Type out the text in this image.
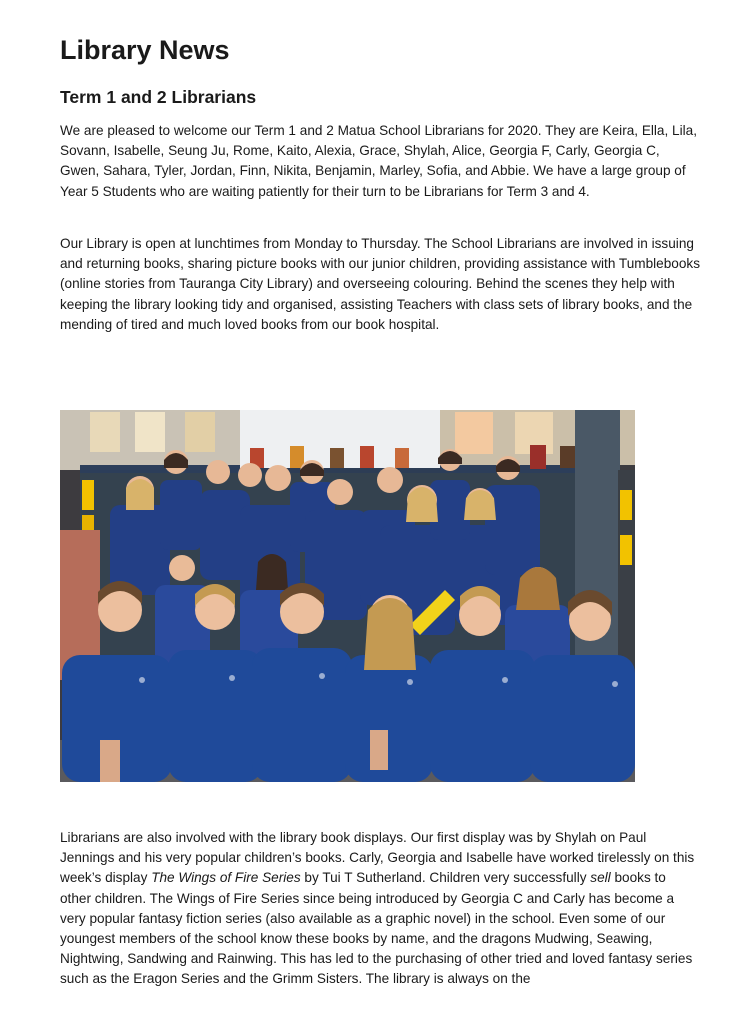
Library News
Term 1 and 2 Librarians

We are pleased to welcome our Term 1 and 2 Matua School Librarians for 2020. They are Keira, Ella, Lila, Sovann, Isabelle, Seung Ju, Rome, Kaito, Alexia, Grace, Shylah, Alice, Georgia F, Carly, Georgia C, Gwen, Sahara, Tyler, Jordan, Finn, Nikita, Benjamin, Marley, Sofia, and Abbie. We have a large group of Year 5 Students who are waiting patiently for their turn to be Librarians for Term 3 and 4.

Our Library is open at lunchtimes from Monday to Thursday. The School Librarians are involved in issuing and returning books, sharing picture books with our junior children, providing assistance with Tumblebooks (online stories from Tauranga City Library) and overseeing colouring. Behind the scenes they help with keeping the library looking tidy and organised, assisting Teachers with class sets of library books, and the mending of tired and much loved books from our book hospital.

Librarians are also involved with the library book displays. Our first display was by Shylah on Paul Jennings and his very popular children’s books. Carly, Georgia and Isabelle have worked tirelessly on this week’s display The Wings of Fire Series by Tui T Sutherland. Children very successfully sell books to other children. The Wings of Fire Series since being introduced by Georgia C and Carly has become a very popular fantasy fiction series (also available as a graphic novel) in the school. Even some of our youngest members of the school know these books by name, and the dragons Mudwing, Seawing, Nightwing, Sandwing and Rainwing. This has led to the purchasing of other tried and loved fantasy series such as the Eragon Series and the Grimm Sisters. The library is always on the
